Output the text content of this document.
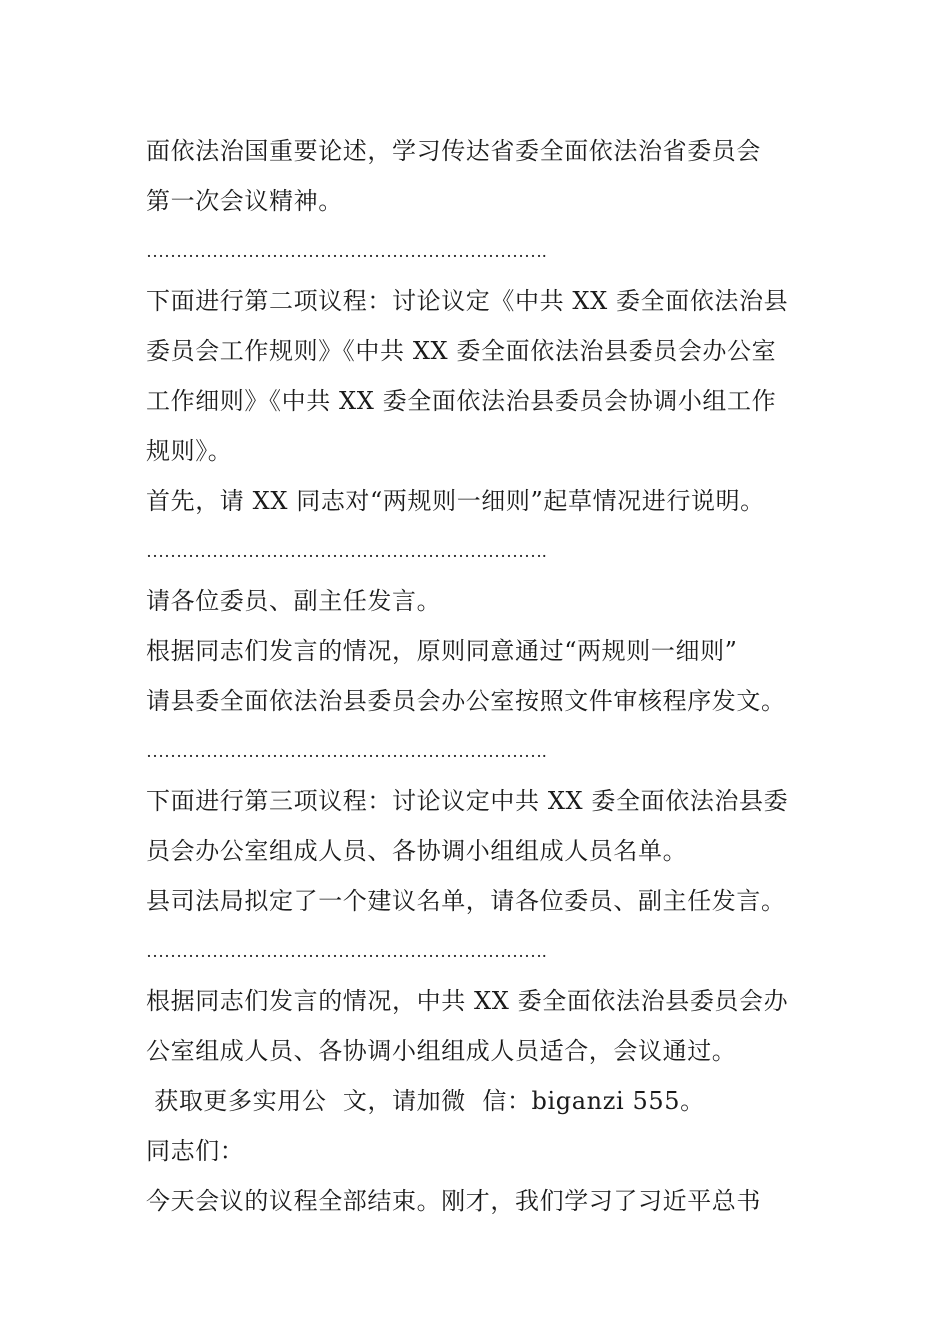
面依法治国重要论述，学习传达省委全面依法治省委员会
第一次会议精神。
………………………………………………………….
下面进行第二项议程：讨论议定《中共 XX 委全面依法治县
委员会工作规则》《中共 XX 委全面依法治县委员会办公室
工作细则》《中共 XX 委全面依法治县委员会协调小组工作
规则》。
首先，请 XX 同志对“两规则一细则”起草情况进行说明。
………………………………………………………….
请各位委员、副主任发言。
根据同志们发言的情况，原则同意通过“两规则一细则”
请县委全面依法治县委员会办公室按照文件审核程序发文。
………………………………………………………….
下面进行第三项议程：讨论议定中共 XX 委全面依法治县委
员会办公室组成人员、各协调小组组成人员名单。
县司法局拟定了一个建议名单，请各位委员、副主任发言。
………………………………………………………….
根据同志们发言的情况，中共 XX 委全面依法治县委员会办
公室组成人员、各协调小组组成人员适合，会议通过。
获取更多实用公  文，请加微  信：biganzi 555。
同志们：
今天会议的议程全部结束。刚才，我们学习了习近平总书
